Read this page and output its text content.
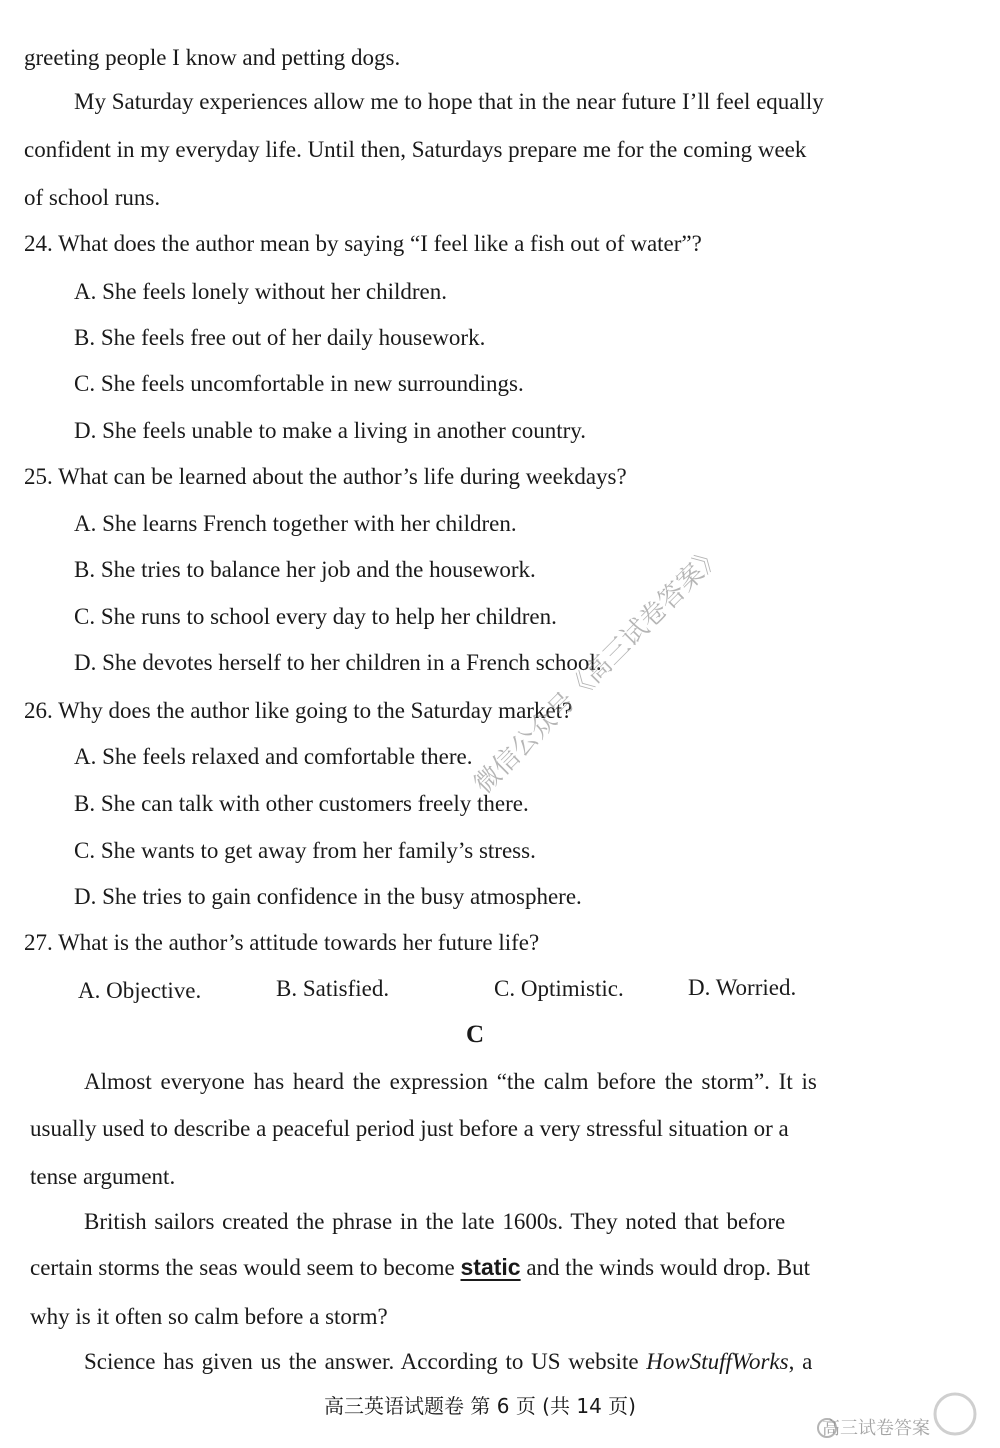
greeting people I know and petting dogs.
My Saturday experiences allow me to hope that in the near future I’ll feel equally
confident in my everyday life. Until then, Saturdays prepare me for the coming week
of school runs.
24. What does the author mean by saying “I feel like a fish out of water”?
A. She feels lonely without her children.
B. She feels free out of her daily housework.
C. She feels uncomfortable in new surroundings.
D. She feels unable to make a living in another country.
25. What can be learned about the author’s life during weekdays?
A. She learns French together with her children.
B. She tries to balance her job and the housework.
C. She runs to school every day to help her children.
D. She devotes herself to her children in a French school.
26. Why does the author like going to the Saturday market?
A. She feels relaxed and comfortable there.
B. She can talk with other customers freely there.
C. She wants to get away from her family’s stress.
D. She tries to gain confidence in the busy atmosphere.
27. What is the author’s attitude towards her future life?
A. Objective.	B. Satisfied.	C. Optimistic.	D. Worried.
C
Almost everyone has heard the expression “the calm before the storm”. It is
usually used to describe a peaceful period just before a very stressful situation or a
tense argument.
British sailors created the phrase in the late 1600s. They noted that before
certain storms the seas would seem to become static and the winds would drop. But
why is it often so calm before a storm?
Science has given us the answer. According to US website HowStuffWorks, a
高三英语试题卷 第 6 页 (共 14 页)
微信公众号《高三试卷答案》
高三试卷答案
